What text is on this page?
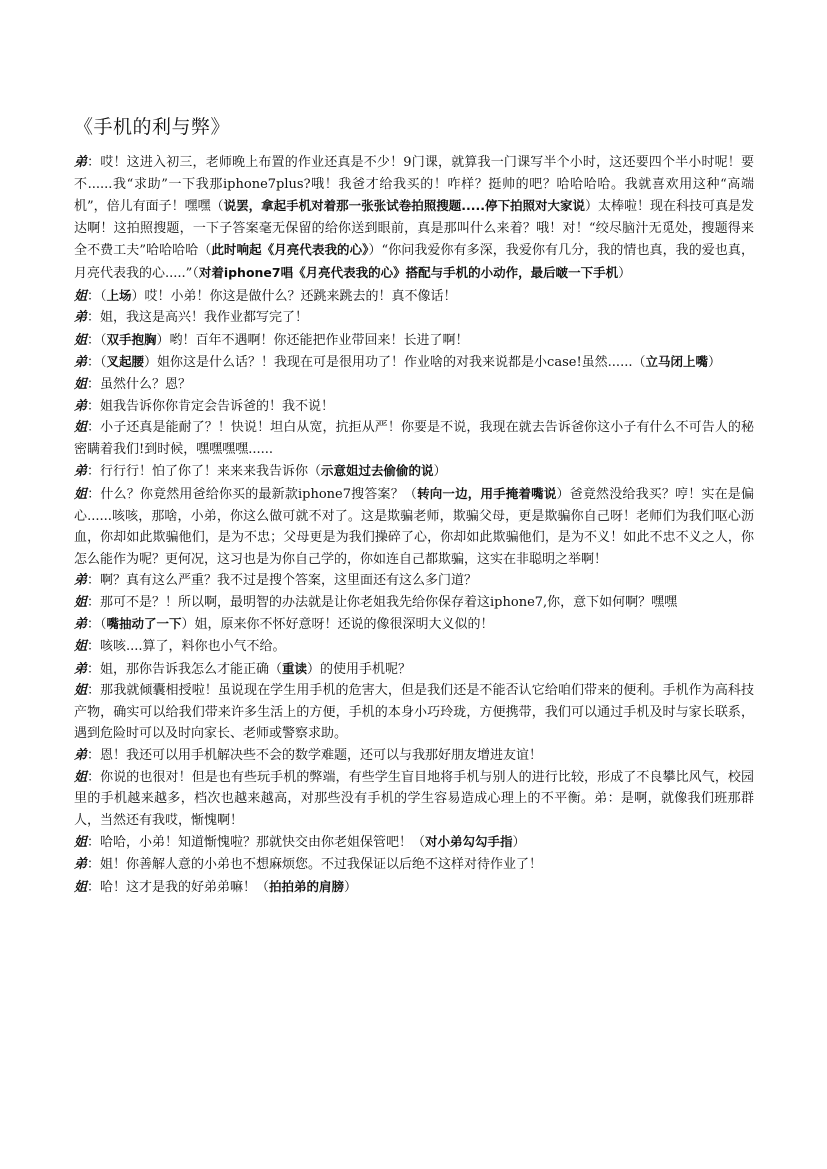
《手机的利与弊》

弟：哎！这进入初三，老师晚上布置的作业还真是不少！9门课，就算我一门课写半个小时，这还要四个半小时呢！要不......我“求助”一下我那iphone7plus?哦！我爸才给我买的！咋样？挺帅的吧？哈哈哈哈。我就喜欢用这种“高端机”，倍儿有面子！嘿嘿（说罢，拿起手机对着那一张张试卷拍照搜题.....停下拍照对大家说）太棒啦！现在科技可真是发达啊！这拍照搜题，一下子答案毫无保留的给你送到眼前，真是那叫什么来着？哦！对！“绞尽脑汁无觅处，搜题得来全不费工夫”哈哈哈哈（此时响起《月亮代表我的心》）“你问我爱你有多深，我爱你有几分，我的情也真，我的爱也真，月亮代表我的心.....”（对着iphone7唱《月亮代表我的心》搭配与手机的小动作，最后啵一下手机）

姐：（上场）哎！小弟！你这是做什么？还跳来跳去的！真不像话！

弟：姐，我这是高兴！我作业都写完了！

姐：（双手抱胸）哟！百年不遇啊！你还能把作业带回来！长进了啊！

弟：（叉起腰）姐你这是什么话？！我现在可是很用功了！作业啥的对我来说都是小case!虽然......（立马闭上嘴）

姐：虽然什么？恩？

弟：姐我告诉你你肯定会告诉爸的！我不说！

姐：小子还真是能耐了？！快说！坦白从宽，抗拒从严！你要是不说，我现在就去告诉爸你这小子有什么不可告人的秘密瞒着我们!到时候，嘿嘿嘿嘿......

弟：行行行！怕了你了！来来来我告诉你（示意姐过去偷偷的说）

姐：什么？你竟然用爸给你买的最新款iphone7搜答案？（转向一边，用手掩着嘴说）爸竟然没给我买？哼！实在是偏心......咳咳，那啥，小弟，你这么做可就不对了。这是欺骗老师，欺骗父母，更是欺骗你自己呀！老师们为我们呕心沥血，你却如此欺骗他们，是为不忠；父母更是为我们操碎了心，你却如此欺骗他们，是为不义！如此不忠不义之人，你怎么能作为呢？更何况，这习也是为你自己学的，你如连自己都欺骗，这实在非聪明之举啊！

弟：啊？真有这么严重？我不过是搜个答案，这里面还有这么多门道？

姐：那可不是？！所以啊，最明智的办法就是让你老姐我先给你保存着这iphone7,你，意下如何啊？嘿嘿

弟：（嘴抽动了一下）姐，原来你不怀好意呀！还说的像很深明大义似的！

姐：咳咳....算了，料你也小气不给。

弟：姐，那你告诉我怎么才能正确（重读）的使用手机呢？

姐：那我就倾囊相授啦！虽说现在学生用手机的危害大，但是我们还是不能否认它给咱们带来的便利。手机作为高科技产物，确实可以给我们带来许多生活上的方便，手机的本身小巧玲珑，方便携带，我们可以通过手机及时与家长联系，遇到危险时可以及时向家长、老师或警察求助。

弟：恩！我还可以用手机解决些不会的数学难题，还可以与我那好朋友增进友谊！

姐：你说的也很对！但是也有些玩手机的弊端，有些学生盲目地将手机与别人的进行比较，形成了不良攀比风气，校园里的手机越来越多，档次也越来越高，对那些没有手机的学生容易造成心理上的不平衡。弟：是啊，就像我们班那群人，当然还有我哎，惭愧啊！

姐：哈哈，小弟！知道惭愧啦？那就快交由你老姐保管吧！（对小弟勾勾手指）

弟：姐！你善解人意的小弟也不想麻烦您。不过我保证以后绝不这样对待作业了！

姐：哈！这才是我的好弟弟嘛！（拍拍弟的肩膀）
